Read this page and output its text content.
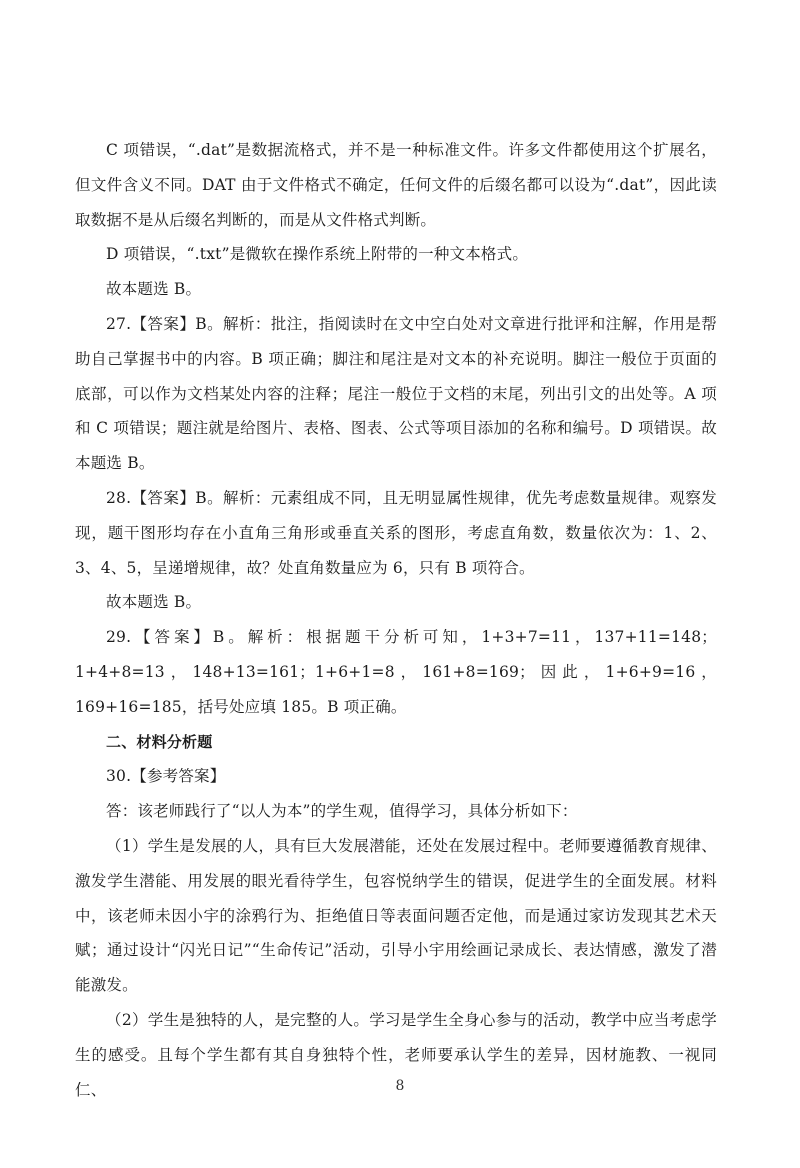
C 项错误，“.dat”是数据流格式，并不是一种标准文件。许多文件都使用这个扩展名，但文件含义不同。DAT 由于文件格式不确定，任何文件的后缀名都可以设为“.dat”，因此读取数据不是从后缀名判断的，而是从文件格式判断。

D 项错误，“.txt”是微软在操作系统上附带的一种文本格式。

故本题选 B。

27.【答案】B。解析：批注，指阅读时在文中空白处对文章进行批评和注解，作用是帮助自己掌握书中的内容。B 项正确；脚注和尾注是对文本的补充说明。脚注一般位于页面的底部，可以作为文档某处内容的注释；尾注一般位于文档的末尾，列出引文的出处等。A 项和 C 项错误；题注就是给图片、表格、图表、公式等项目添加的名称和编号。D 项错误。故本题选 B。

28.【答案】B。解析：元素组成不同，且无明显属性规律，优先考虑数量规律。观察发现，题干图形均存在小直角三角形或垂直关系的图形，考虑直角数，数量依次为：1、2、3、4、5，呈递增规律，故？处直角数量应为 6，只有 B 项符合。

故本题选 B。

29.【答案】B。解析：根据题干分析可知，1+3+7=11，137+11=148；1+4+8=13，148+13=161；1+6+1=8，161+8=169；因此，1+6+9=16，169+16=185，括号处应填 185。B 项正确。

二、材料分析题

30.【参考答案】

答：该老师践行了“以人为本”的学生观，值得学习，具体分析如下：

（1）学生是发展的人，具有巨大发展潜能，还处在发展过程中。老师要遵循教育规律、激发学生潜能、用发展的眼光看待学生，包容悦纳学生的错误，促进学生的全面发展。材料中，该老师未因小宇的涂鸦行为、拒绝值日等表面问题否定他，而是通过家访发现其艺术天赋；通过设计“闪光日记”“生命传记”活动，引导小宇用绘画记录成长、表达情感，激发了潜能激发。

（2）学生是独特的人，是完整的人。学习是学生全身心参与的活动，教学中应当考虑学生的感受。且每个学生都有其自身独特个性，老师要承认学生的差异，因材施教、一视同仁、	8
